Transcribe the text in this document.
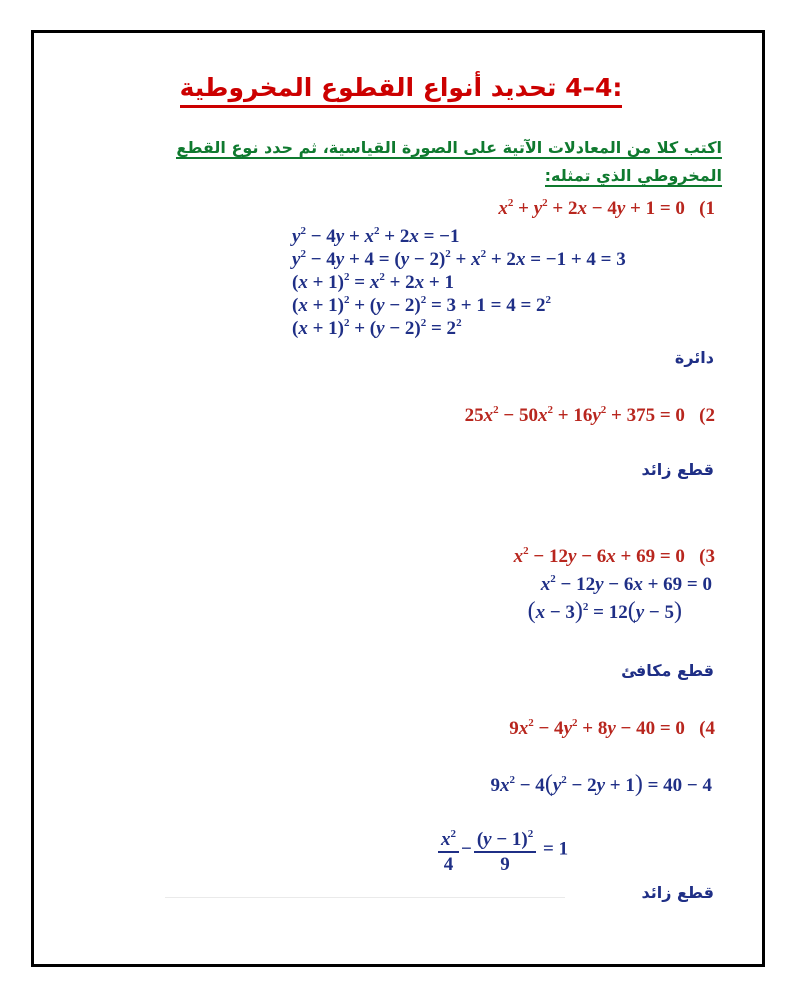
4–4: تحديد أنواع القطوع المخروطية
اكتب كلا من المعادلات الآتية على الصورة القياسية، ثم حدد نوع القطع
المخروطي الذي تمثله:
$x^2 + y^2 + 2x - 4y + 1 = 0$   (1
$y^2 - 4y + x^2 + 2x = -1$
$y^2 - 4y + 4 = (y - 2)^2 + x^2 + 2x = -1 + 4 = 3$
$(x + 1)^2 = x^2 + 2x + 1$
$(x + 1)^2 + (y - 2)^2 = 3 + 1 = 4 = 2^2$
$(x + 1)^2 + (y - 2)^2 = 2^2$
دائرة
$25x^2 - 50x^2 + 16y^2 + 375 = 0$   (2
قطع زائد
$x^2 - 12y - 6x + 69 = 0$   (3
$x^2 - 12y - 6x + 69 = 0$
$(x - 3)^2 = 12(y - 5)$
قطع مكافئ
$9x^2 - 4y^2 + 8y - 40 = 0$   (4
$9x^2 - 4(y^2 - 2y + 1) = 40 - 4$
$\frac{x^2}{4} - \frac{(y - 1)^2}{9} = 1$
قطع زائد
